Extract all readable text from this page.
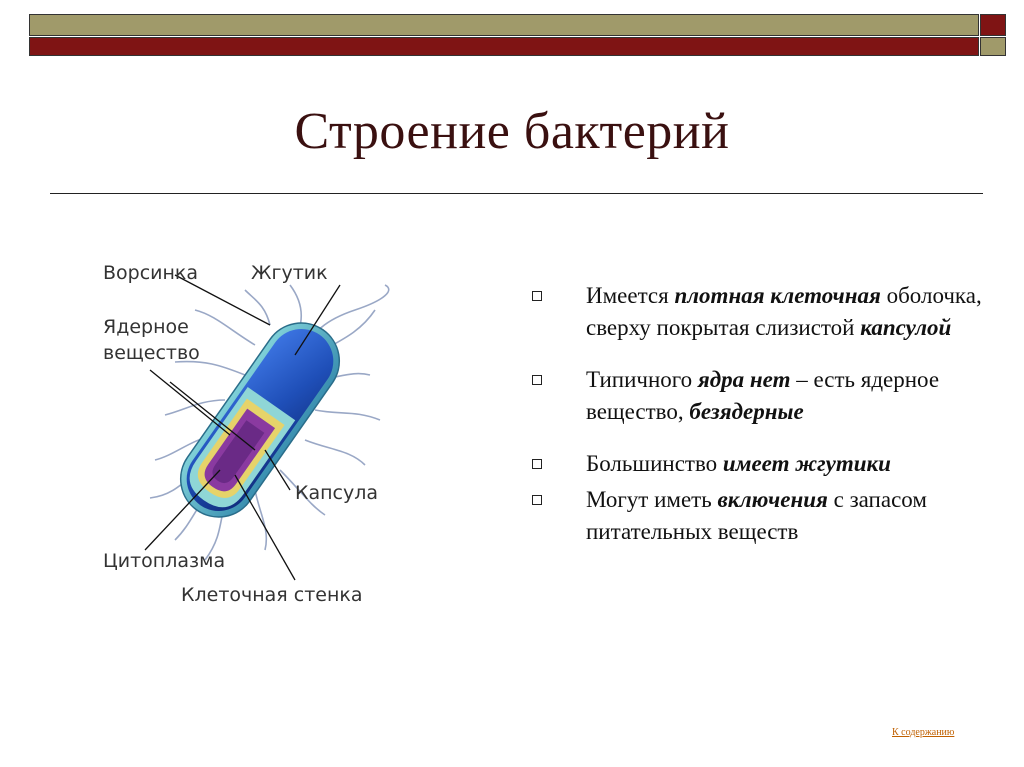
Строение бактерий
Ворсинка	Жгутик
Ядерное
вещество
Капсула
Цитоплазма
Клеточная стенка
Имеется плотная клеточная оболочка, сверху покрытая слизистой капсулой
Типичного ядра нет – есть ядерное вещество, безядерные
Большинство имеет жгутики
Могут иметь включения с запасом питательных веществ
К содержанию
